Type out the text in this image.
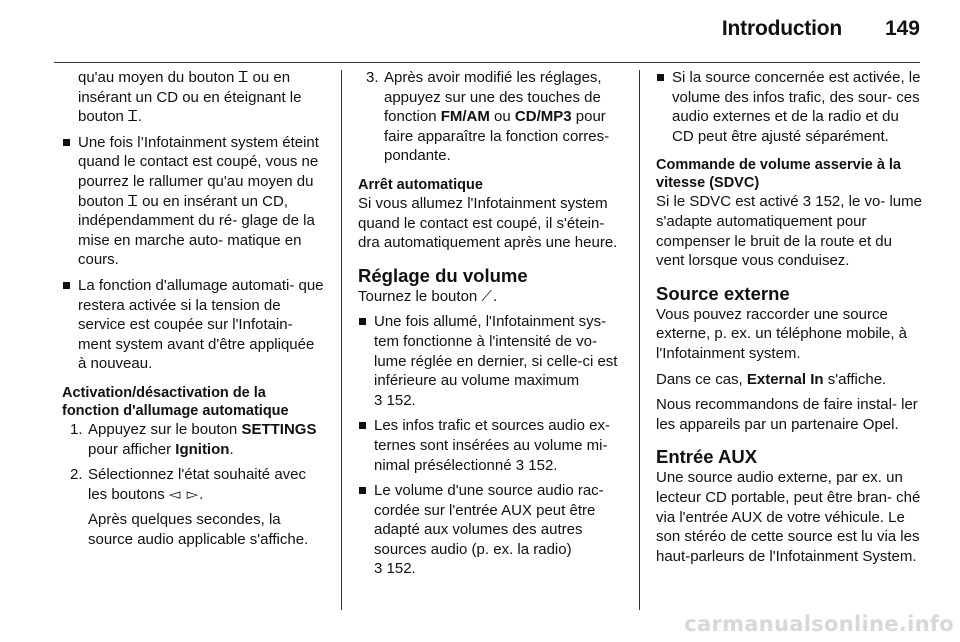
Introduction 149

qu'au moyen du bouton Ꮖ ou en insérant un CD ou en éteignant le bouton Ꮖ.

Une fois l’Infotainment system éteint quand le contact est coupé, vous ne pourrez le rallumer qu'au moyen du bouton Ꮖ ou en insérant un CD, indépendamment du ré- glage de la mise en marche auto- matique en cours.
La fonction d'allumage automati- que restera activée si la tension de service est coupée sur l'Infotain- ment system avant d'être appliquée à nouveau.
Activation/désactivation de la fonction d'allumage automatique
1. Appuyez sur le bouton SETTINGS pour afficher Ignition.
2. Sélectionnez l'état souhaité avec les boutons ◅ ▻.

Après quelques secondes, la source audio applicable s'affiche.

3. Après avoir modifié les réglages, appuyez sur une des touches de fonction FM/AM ou CD/MP3 pour faire apparaître la fonction corres- pondante.
Arrêt automatique

Si vous allumez l'Infotainment system quand le contact est coupé, il s'étein- dra automatiquement après une heure.

Réglage du volume

Tournez le bouton ⟋.

Une fois allumé, l'Infotainment sys- tem fonctionne à l'intensité de vo- lume réglée en dernier, si celle-ci est inférieure au volume maximum
3 152.
Les infos trafic et sources audio ex- ternes sont insérées au volume mi- nimal présélectionné 3 152.
Le volume d'une source audio rac- cordée sur l'entrée AUX peut être adapté aux volumes des autres sources audio (p. ex. la radio)
3 152.
Si la source concernée est activée, le volume des infos trafic, des sour- ces audio externes et de la radio et du CD peut être ajusté séparément.
Commande de volume asservie à la vitesse (SDVC)

Si le SDVC est activé 3 152, le vo- lume s'adapte automatiquement pour compenser le bruit de la route et du vent lorsque vous conduisez.

Source externe

Vous pouvez raccorder une source externe, p. ex. un téléphone mobile, à l'Infotainment system.

Dans ce cas, External In s'affiche.

Nous recommandons de faire instal- ler les appareils par un partenaire Opel.

Entrée AUX

Une source audio externe, par ex. un lecteur CD portable, peut être bran- ché via l'entrée AUX de votre véhicule. Le son stéréo de cette source est lu via les haut-parleurs de l'Infotainment System.

carmanualsonline.info
